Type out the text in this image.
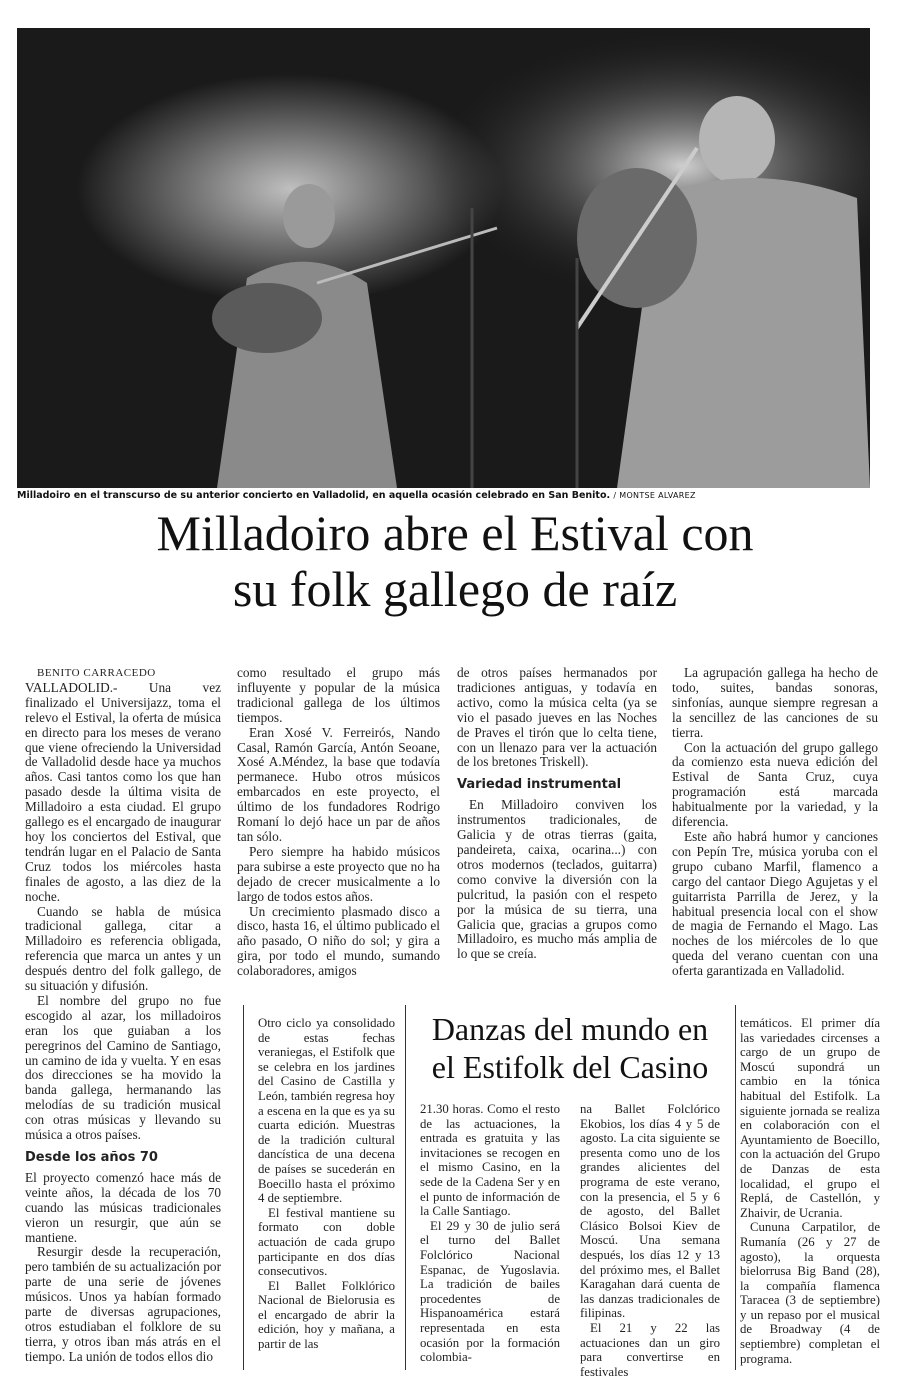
Milladoiro en el transcurso de su anterior concierto en Valladolid, en aquella ocasión celebrado en San Benito. / MONTSE ALVAREZ
Milladoiro abre el Estival con
su folk gallego de raíz

BENITO CARRACEDO

VALLADOLID.- Una vez finalizado el Universijazz, toma el relevo el Estival, la oferta de música en directo para los meses de verano que viene ofreciendo la Universidad de Valladolid desde hace ya muchos años. Casi tantos como los que han pasado desde la última visita de Milladoiro a esta ciudad. El grupo gallego es el encargado de inaugurar hoy los conciertos del Estival, que tendrán lugar en el Palacio de Santa Cruz todos los miércoles hasta finales de agosto, a las diez de la noche.

Cuando se habla de música tradicional gallega, citar a Milladoiro es referencia obligada, referencia que marca un antes y un después dentro del folk gallego, de su situación y difusión.

El nombre del grupo no fue escogido al azar, los milladoiros eran los que guiaban a los peregrinos del Camino de Santiago, un camino de ida y vuelta. Y en esas dos direcciones se ha movido la banda gallega, hermanando las melodías de su tradición musical con otras músicas y llevando su música a otros países.

Desde los años 70

El proyecto comenzó hace más de veinte años, la década de los 70 cuando las músicas tradicionales vieron un resurgir, que aún se mantiene.

Resurgir desde la recuperación, pero también de su actualización por parte de una serie de jóvenes músicos. Unos ya habían formado parte de diversas agrupaciones, otros estudiaban el folklore de su tierra, y otros iban más atrás en el tiempo. La unión de todos ellos dio

como resultado el grupo más influyente y popular de la música tradicional gallega de los últimos tiempos.

Eran Xosé V. Ferreirós, Nando Casal, Ramón García, Antón Seoane, Xosé A.Méndez, la base que todavía permanece. Hubo otros músicos embarcados en este proyecto, el último de los fundadores Rodrigo Romaní lo dejó hace un par de años tan sólo.

Pero siempre ha habido músicos para subirse a este proyecto que no ha dejado de crecer musicalmente a lo largo de todos estos años.

Un crecimiento plasmado disco a disco, hasta 16, el último publicado el año pasado, O niño do sol; y gira a gira, por todo el mundo, sumando colaboradores, amigos

de otros países hermanados por tradiciones antiguas, y todavía en activo, como la música celta (ya se vio el pasado jueves en las Noches de Praves el tirón que lo celta tiene, con un llenazo para ver la actuación de los bretones Triskell).

Variedad instrumental

En Milladoiro conviven los instrumentos tradicionales, de Galicia y de otras tierras (gaita, pandeireta, caixa, ocarina...) con otros modernos (teclados, guitarra) como convive la diversión con la pulcritud, la pasión con el respeto por la música de su tierra, una Galicia que, gracias a grupos como Milladoiro, es mucho más amplia de lo que se creía.

La agrupación gallega ha hecho de todo, suites, bandas sonoras, sinfonías, aunque siempre regresan a la sencillez de las canciones de su tierra.

Con la actuación del grupo gallego da comienzo esta nueva edición del Estival de Santa Cruz, cuya programación está marcada habitualmente por la variedad, y la diferencia.

Este año habrá humor y canciones con Pepín Tre, música yoruba con el grupo cubano Marfil, flamenco a cargo del cantaor Diego Agujetas y el guitarrista Parrilla de Jerez, y la habitual presencia local con el show de magia de Fernando el Mago. Las noches de los miércoles de lo que queda del verano cuentan con una oferta garantizada en Valladolid.

Danzas del mundo en
el Estifolk del Casino

Otro ciclo ya consolidado de estas fechas veraniegas, el Estifolk que se celebra en los jardines del Casino de Castilla y León, también regresa hoy a escena en la que es ya su cuarta edición. Muestras de la tradición cultural dancística de una decena de países se sucederán en Boecillo hasta el próximo 4 de septiembre.

El festival mantiene su formato con doble actuación de cada grupo participante en dos días consecutivos.

El Ballet Folklórico Nacional de Bielorusia es el encargado de abrir la edición, hoy y mañana, a partir de las

21.30 horas. Como el resto de las actuaciones, la entrada es gratuita y las invitaciones se recogen en el mismo Casino, en la sede de la Cadena Ser y en el punto de información de la Calle Santiago.

El 29 y 30 de julio será el turno del Ballet Folclórico Nacional Espanac, de Yugoslavia. La tradición de bailes procedentes de Hispanoamérica estará representada en esta ocasión por la formación colombia-

na Ballet Folclórico Ekobios, los días 4 y 5 de agosto. La cita siguiente se presenta como uno de los grandes alicientes del programa de este verano, con la presencia, el 5 y 6 de agosto, del Ballet Clásico Bolsoi Kiev de Moscú. Una semana después, los días 12 y 13 del próximo mes, el Ballet Karagahan dará cuenta de las danzas tradicionales de filipinas.

El 21 y 22 las actuaciones dan un giro para convertirse en festivales

temáticos. El primer día las variedades circenses a cargo de un grupo de Moscú supondrá un cambio en la tónica habitual del Estifolk. La siguiente jornada se realiza en colaboración con el Ayuntamiento de Boecillo, con la actuación del Grupo de Danzas de esta localidad, el grupo el Replá, de Castellón, y Zhaivir, de Ucrania.

Cununa Carpatilor, de Rumanía (26 y 27 de agosto), la orquesta bielorrusa Big Band (28), la compañía flamenca Taracea (3 de septiembre) y un repaso por el musical de Broadway (4 de septiembre) completan el programa.
